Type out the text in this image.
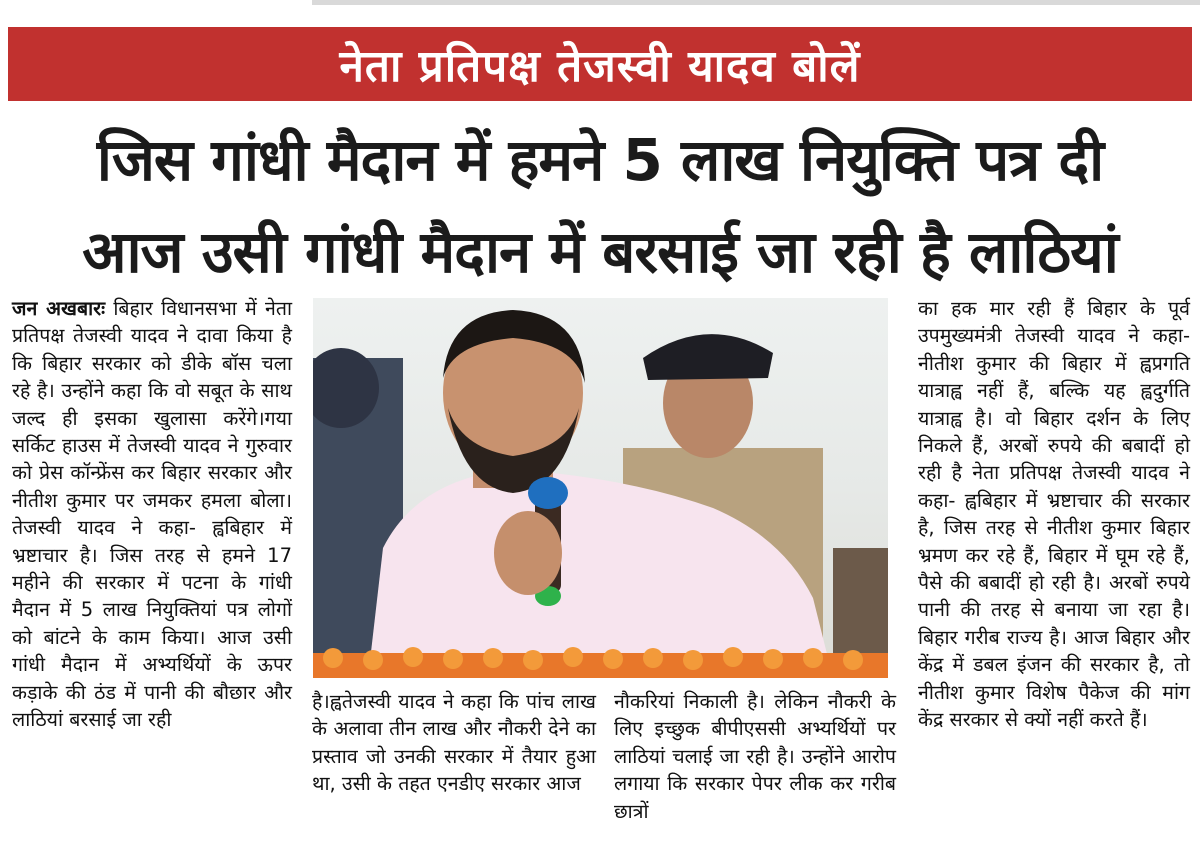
नेता प्रतिपक्ष तेजस्वी यादव बोलें
जिस गांधी मैदान में हमने 5 लाख नियुक्ति पत्र दी
आज उसी गांधी मैदान में बरसाई जा रही है लाठियां

जन अखबारः बिहार विधानसभा में नेता प्रतिपक्ष तेजस्वी यादव ने दावा किया है कि बिहार सरकार को डीके बॉस चला रहे है। उन्होंने कहा कि वो सबूत के साथ जल्द ही इसका खुलासा करेंगे।गया सर्किट हाउस में तेजस्वी यादव ने गुरुवार को प्रेस कॉन्फ्रेंस कर बिहार सरकार और नीतीश कुमार पर जमकर हमला बोला। तेजस्वी यादव ने कहा- ह्वबिहार में भ्रष्टाचार है। जिस तरह से हमने 17 महीने की सरकार में पटना के गांधी मैदान में 5 लाख नियुक्तियां पत्र लोगों को बांटने के काम किया। आज उसी गांधी मैदान में अभ्यर्थियों के ऊपर कड़ाके की ठंड में पानी की बौछार और लाठियां बरसाई जा रही

है।ह्वतेजस्वी यादव ने कहा कि पांच लाख के अलावा तीन लाख और नौकरी देने का प्रस्ताव जो उनकी सरकार में तैयार हुआ था, उसी के तहत एनडीए सरकार आज

नौकरियां निकाली है। लेकिन नौकरी के लिए इच्छुक बीपीएससी अभ्यर्थियों पर लाठियां चलाई जा रही है। उन्होंने आरोप लगाया कि सरकार पेपर लीक कर गरीब छात्रों

का हक मार रही हैं बिहार के पूर्व उपमुख्यमंत्री तेजस्वी यादव ने कहा- नीतीश कुमार की बिहार में ह्वप्रगति यात्राह्व नहीं हैं, बल्कि यह ह्वदुर्गति यात्राह्व है। वो बिहार दर्शन के लिए निकले हैं, अरबों रुपये की बबादीं हो रही है नेता प्रतिपक्ष तेजस्वी यादव ने कहा- ह्वबिहार में भ्रष्टाचार की सरकार है, जिस तरह से नीतीश कुमार बिहार भ्रमण कर रहे हैं, बिहार में घूम रहे हैं, पैसे की बबादीं हो रही है। अरबों रुपये पानी की तरह से बनाया जा रहा है। बिहार गरीब राज्य है। आज बिहार और केंद्र में डबल इंजन की सरकार है, तो नीतीश कुमार विशेष पैकेज की मांग केंद्र सरकार से क्यों नहीं करते हैं।
